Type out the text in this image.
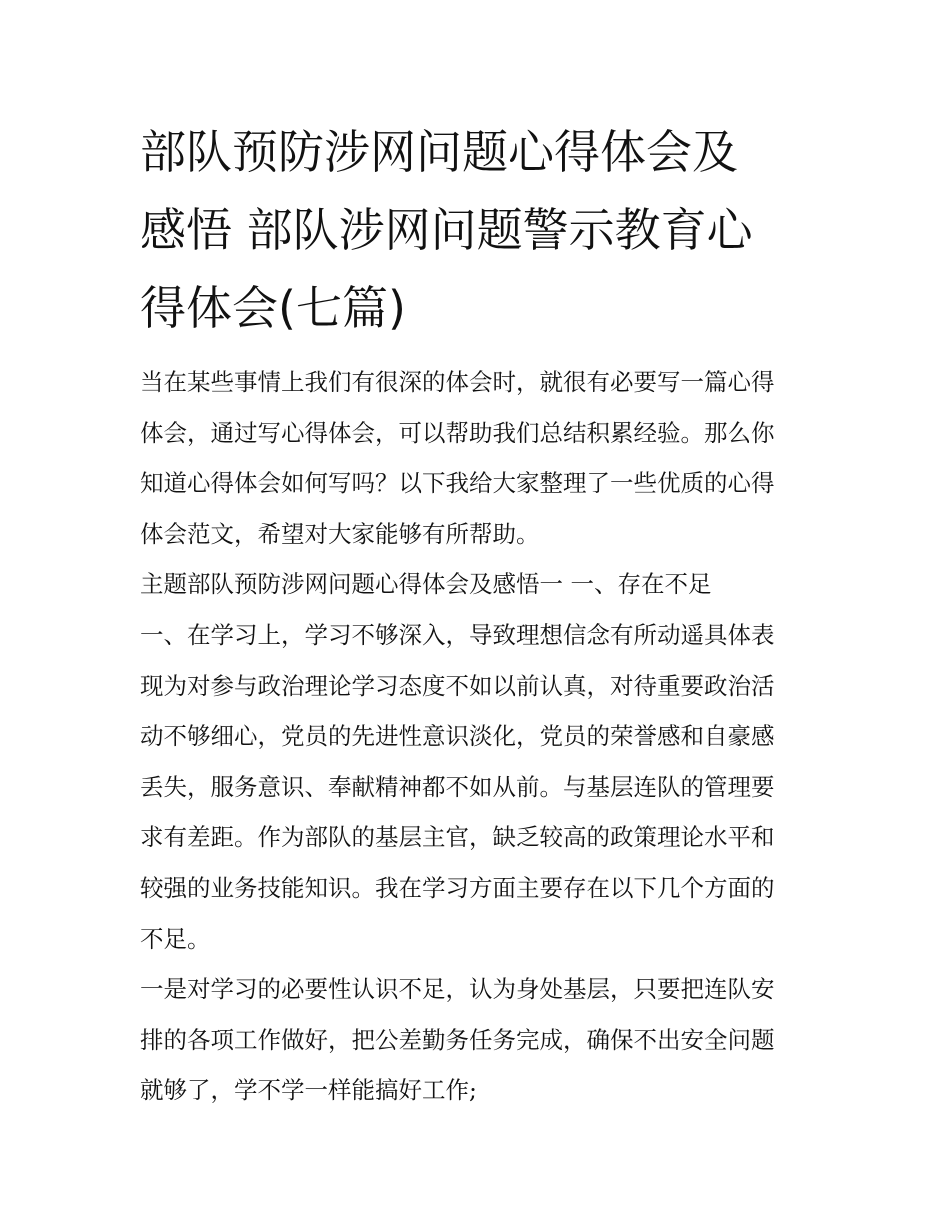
部队预防涉网问题心得体会及
感悟 部队涉网问题警示教育心
得体会(七篇)
当在某些事情上我们有很深的体会时，就很有必要写一篇心得
体会，通过写心得体会，可以帮助我们总结积累经验。那么你
知道心得体会如何写吗？以下我给大家整理了一些优质的心得
体会范文，希望对大家能够有所帮助。
主题部队预防涉网问题心得体会及感悟一 一、存在不足
一、在学习上，学习不够深入，导致理想信念有所动遥具体表
现为对参与政治理论学习态度不如以前认真，对待重要政治活
动不够细心，党员的先进性意识淡化，党员的荣誉感和自豪感
丢失，服务意识、奉献精神都不如从前。与基层连队的管理要
求有差距。作为部队的基层主官，缺乏较高的政策理论水平和
较强的业务技能知识。我在学习方面主要存在以下几个方面的
不足。
一是对学习的必要性认识不足，认为身处基层，只要把连队安
排的各项工作做好，把公差勤务任务完成，确保不出安全问题
就够了，学不学一样能搞好工作;
